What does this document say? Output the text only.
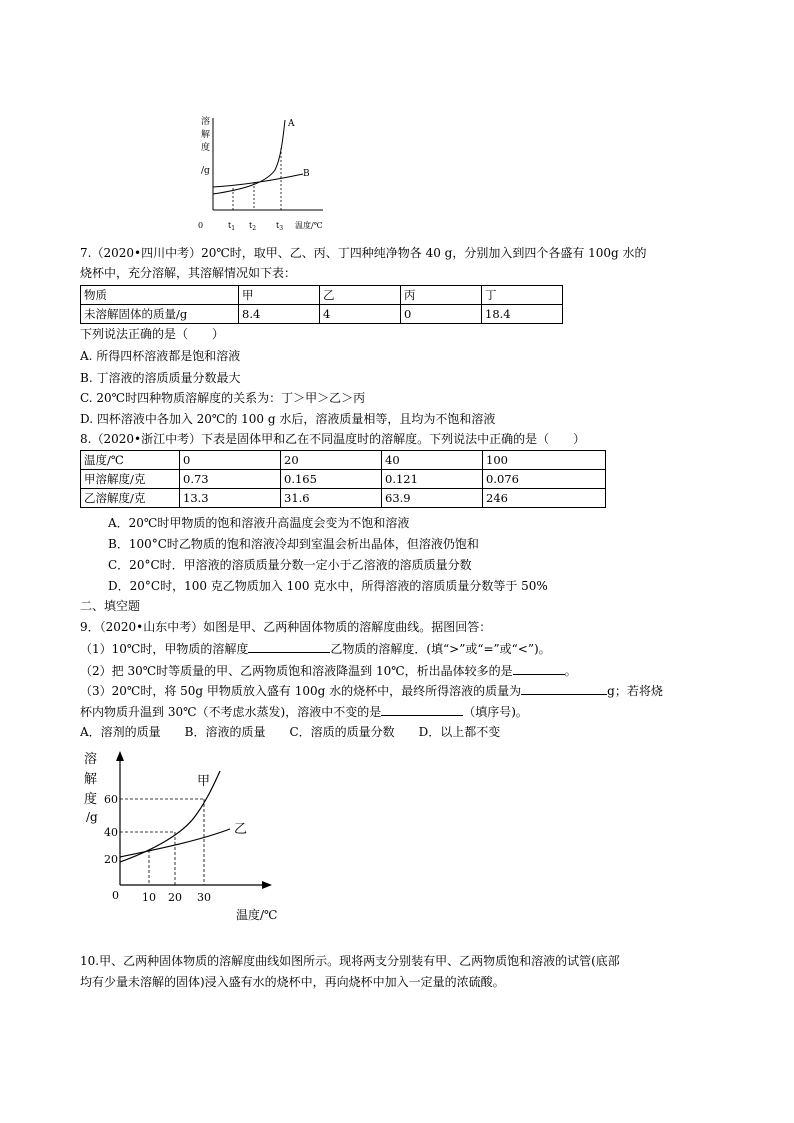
溶
解
度
/g
A
B
0	$t_1$ $t_2$ $t_3$ 温度/℃
7.（2020•四川中考）20℃时，取甲、乙、丙、丁四种纯净物各 40 g，分别加入到四个各盛有 100g 水的
烧杯中，充分溶解，其溶解情况如下表：
物质	甲	乙	丙	丁
未溶解固体的质量/g	8.4	4	0	18.4
下列说法正确的是（　　）
A. 所得四杯溶液都是饱和溶液
B. 丁溶液的溶质质量分数最大
C. 20℃时四种物质溶解度的关系为：丁＞甲＞乙＞丙
D. 四杯溶液中各加入 20℃的 100 g 水后，溶液质量相等，且均为不饱和溶液
8.（2020•浙江中考）下表是固体甲和乙在不同温度时的溶解度。下列说法中正确的是（　　）
温度/℃	0	20	40	100
甲溶解度/克	0.73	0.165	0.121	0.076
乙溶解度/克	13.3	31.6	63.9	246
A．20℃时甲物质的饱和溶液升高温度会变为不饱和溶液
B．100°C时乙物质的饱和溶液冷却到室温会析出晶体，但溶液仍饱和
C．20°C时．甲溶液的溶质质量分数一定小于乙溶液的溶质质量分数
D．20°C时，100 克乙物质加入 100 克水中，所得溶液的溶质质量分数等于 50%
二、填空题
9．（2020•山东中考）如图是甲、乙两种固体物质的溶解度曲线。据图回答：
（1）10℃时，甲物质的溶解度	乙物质的溶解度．(填“>”或“=”或“<”)。
（2）把 30℃时等质量的甲、乙两物质饱和溶液降温到 10℃，析出晶体较多的是	。
（3）20℃时，将 50g 甲物质放入盛有 100g 水的烧杯中，最终所得溶液的质量为	g；若将烧
杯内物质升温到 30℃（不考虑水蒸发)，溶液中不变的是	（填序号)。
A．溶剂的质量　　B．溶液的质量　　C．溶质的质量分数　　D．以上都不变
溶
解
度
/g
甲
乙
60
40
20
0 10 20 30
温度/℃
10.甲、乙两种固体物质的溶解度曲线如图所示。现将两支分别装有甲、乙两物质饱和溶液的试管(底部
均有少量未溶解的固体)浸入盛有水的烧杯中，再向烧杯中加入一定量的浓硫酸。
